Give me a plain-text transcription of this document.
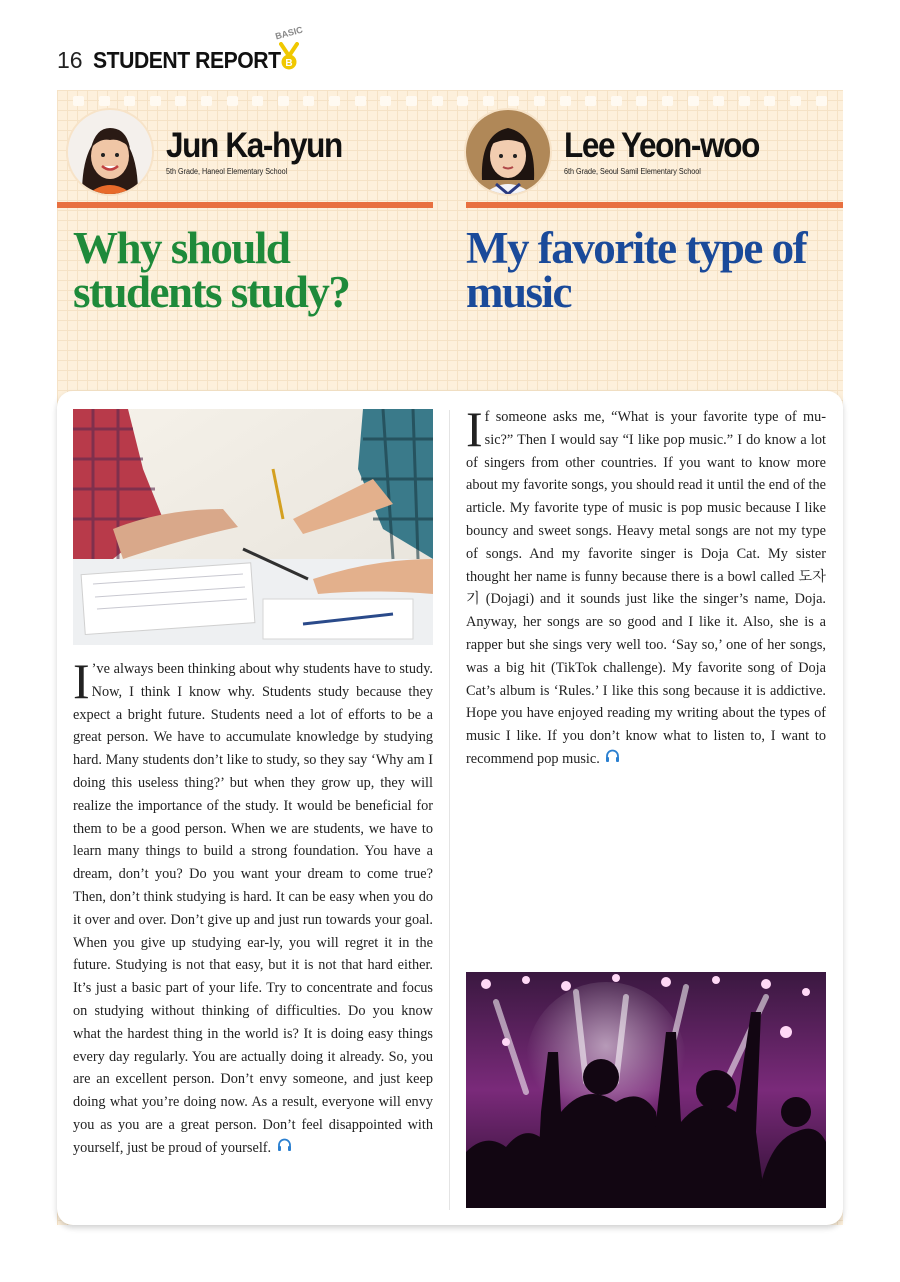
16 STUDENT REPORT
BASIC
B
Jun Ka-hyun
5th Grade, Haneol Elementary School
Lee Yeon-woo
6th Grade, Seoul Samil Elementary School
Why should
students study?
My favorite type of
music
I ’ve always been thinking about why students have to study. Now, I think I know why. Students study because they expect a bright future. Students need a lot of efforts to be a great person. We have to accumulate knowledge by studying hard. Many students don’t like to study, so they say ‘Why am I doing this useless thing?’ but when they grow up, they will realize the importance of the study. It would be beneficial for them to be a good person. When we are students, we have to learn many things to build a strong foundation. You have a dream, don’t you? Do you want your dream to come true? Then, don’t think studying is hard. It can be easy when you do it over and over. Don’t give up and just run towards your goal. When you give up studying ear-ly, you will regret it in the future. Studying is not that easy, but it is not that hard either. It’s just a basic part of your life. Try to concentrate and focus on studying without thinking of difficulties. Do you know what the hardest thing in the world is? It is doing easy things every day regularly. You are actually doing it already. So, you are an excellent person. Don’t envy someone, and just keep doing what you’re doing now. As a result, everyone will envy you as you are a great person. Don’t feel disappointed with yourself, just be proud of yourself.
If someone asks me, “What is your favorite type of mu-sic?” Then I would say “I like pop music.” I do know a lot of singers from other countries. If you want to know more about my favorite songs, you should read it until the end of the article. My favorite type of music is pop music because I like bouncy and sweet songs. Heavy metal songs are not my type of songs. And my favorite singer is Doja Cat. My sister thought her name is funny because there is a bowl called 도자기 (Dojagi) and it sounds just like the singer’s name, Doja. Anyway, her songs are so good and I like it. Also, she is a rapper but she sings very well too. ‘Say so,’ one of her songs, was a big hit (TikTok challenge). My favorite song of Doja Cat’s album is ‘Rules.’ I like this song because it is addictive. Hope you have enjoyed reading my writing about the types of music I like. If you don’t know what to listen to, I want to recommend pop music.
